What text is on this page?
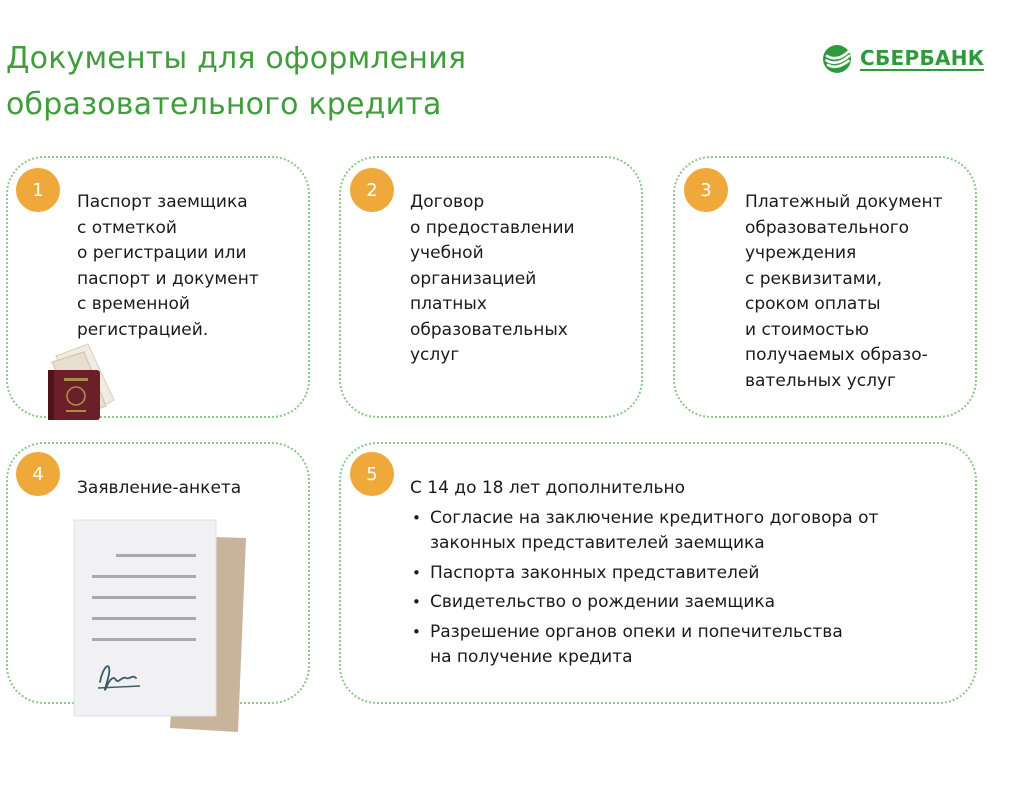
Документы для оформления
образовательного кредита
СБЕРБАНК
1
Паспорт заемщика
с отметкой
о регистрации или
паспорт и документ
с временной
регистрацией.
2
Договор
о предоставлении
учебной
организацией
платных
образовательных
услуг
3
Платежный документ
образовательного
учреждения
с реквизитами,
сроком оплаты
и стоимостью
получаемых образо-
вательных услуг
4
Заявление-анкета
5
С 14 до 18 лет дополнительно
• Согласие на заключение кредитного договора от
законных представителей заемщика
• Паспорта законных представителей
• Свидетельство о рождении заемщика
• Разрешение органов опеки и попечительства
на получение кредита
